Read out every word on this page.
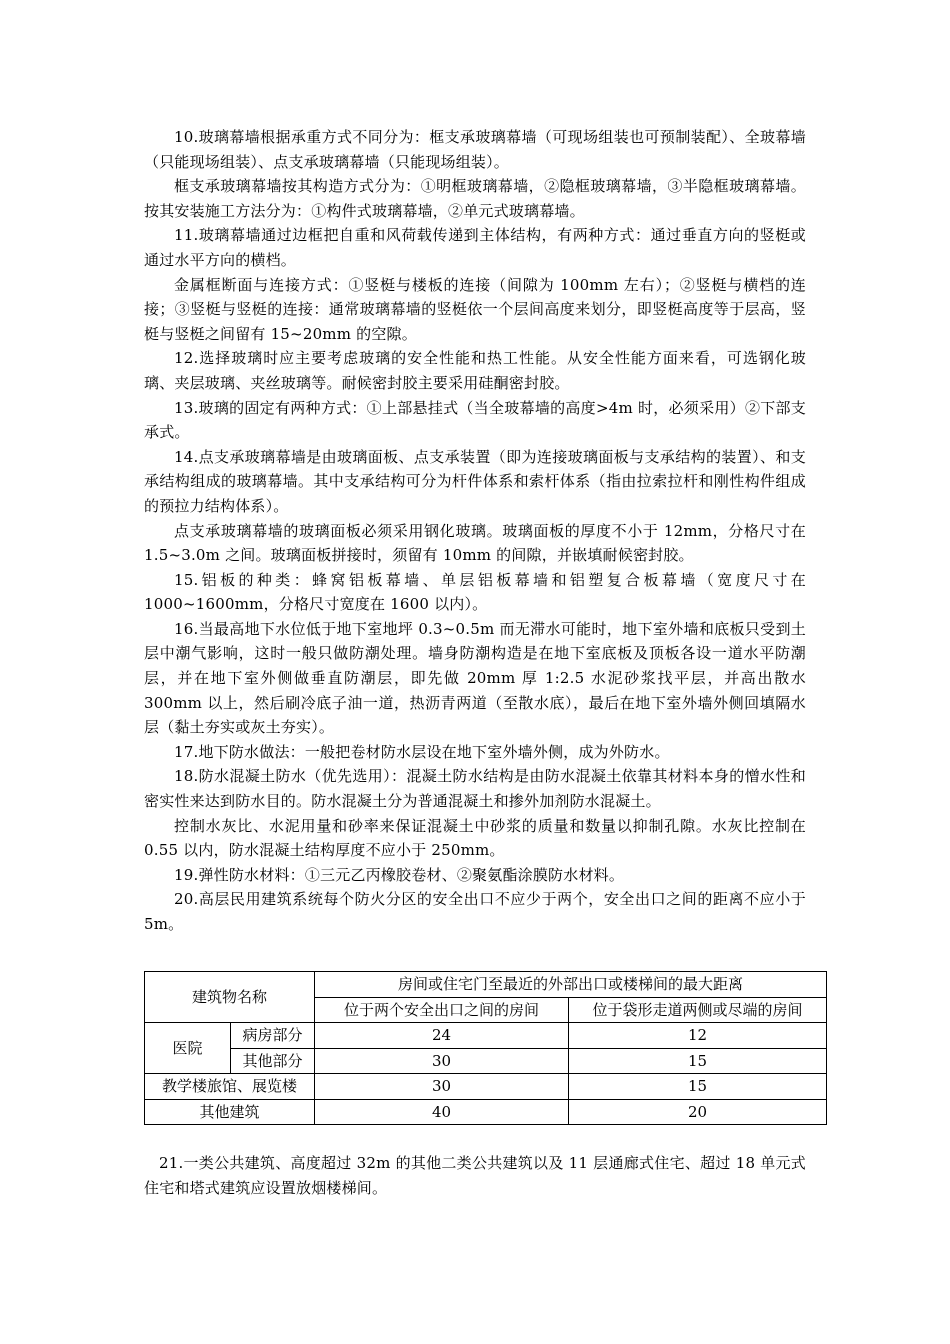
10.玻璃幕墙根据承重方式不同分为：框支承玻璃幕墙（可现场组装也可预制装配）、全玻幕墙（只能现场组装）、点支承玻璃幕墙（只能现场组装）。

框支承玻璃幕墙按其构造方式分为：①明框玻璃幕墙，②隐框玻璃幕墙，③半隐框玻璃幕墙。按其安装施工方法分为：①构件式玻璃幕墙，②单元式玻璃幕墙。

11.玻璃幕墙通过边框把自重和风荷载传递到主体结构，有两种方式：通过垂直方向的竖梃或通过水平方向的横档。

金属框断面与连接方式：①竖梃与楼板的连接（间隙为 100mm 左右）；②竖梃与横档的连接；③竖梃与竖梃的连接：通常玻璃幕墙的竖梃依一个层间高度来划分，即竖梃高度等于层高，竖梃与竖梃之间留有 15~20mm 的空隙。

12.选择玻璃时应主要考虑玻璃的安全性能和热工性能。从安全性能方面来看，可选钢化玻璃、夹层玻璃、夹丝玻璃等。耐候密封胶主要采用硅酮密封胶。

13.玻璃的固定有两种方式：①上部悬挂式（当全玻幕墙的高度>4m 时，必须采用）②下部支承式。

14.点支承玻璃幕墙是由玻璃面板、点支承装置（即为连接玻璃面板与支承结构的装置）、和支承结构组成的玻璃幕墙。其中支承结构可分为杆件体系和索杆体系（指由拉索拉杆和刚性构件组成的预拉力结构体系）。

点支承玻璃幕墙的玻璃面板必须采用钢化玻璃。玻璃面板的厚度不小于 12mm，分格尺寸在 1.5~3.0m 之间。玻璃面板拼接时，须留有 10mm 的间隙，并嵌填耐候密封胶。

15.铝板的种类：蜂窝铝板幕墙、单层铝板幕墙和铝塑复合板幕墙（宽度尺寸在 1000~1600mm，分格尺寸宽度在 1600 以内）。

16.当最高地下水位低于地下室地坪 0.3~0.5m 而无滞水可能时，地下室外墙和底板只受到土层中潮气影响，这时一般只做防潮处理。墙身防潮构造是在地下室底板及顶板各设一道水平防潮层，并在地下室外侧做垂直防潮层，即先做 20mm 厚 1:2.5 水泥砂浆找平层，并高出散水 300mm 以上，然后刷冷底子油一道，热沥青两道（至散水底），最后在地下室外墙外侧回填隔水层（黏土夯实或灰土夯实）。

17.地下防水做法：一般把卷材防水层设在地下室外墙外侧，成为外防水。

18.防水混凝土防水（优先选用）：混凝土防水结构是由防水混凝土依靠其材料本身的憎水性和密实性来达到防水目的。防水混凝土分为普通混凝土和掺外加剂防水混凝土。

控制水灰比、水泥用量和砂率来保证混凝土中砂浆的质量和数量以抑制孔隙。水灰比控制在 0.55 以内，防水混凝土结构厚度不应小于 250mm。

19.弹性防水材料：①三元乙丙橡胶卷材、②聚氨酯涂膜防水材料。

20.高层民用建筑系统每个防火分区的安全出口不应少于两个，安全出口之间的距离不应小于 5m。

建筑物名称		房间或住宅门至最近的外部出口或楼梯间的最大距离	
		位于两个安全出口之间的房间	位于袋形走道两侧或尽端的房间
医院	病房部分	24	12
	其他部分	30	15
教学楼旅馆、展览楼		30	15
其他建筑		40	20

21.一类公共建筑、高度超过 32m 的其他二类公共建筑以及 11 层通廊式住宅、超过 18 单元式住宅和塔式建筑应设置放烟楼梯间。
